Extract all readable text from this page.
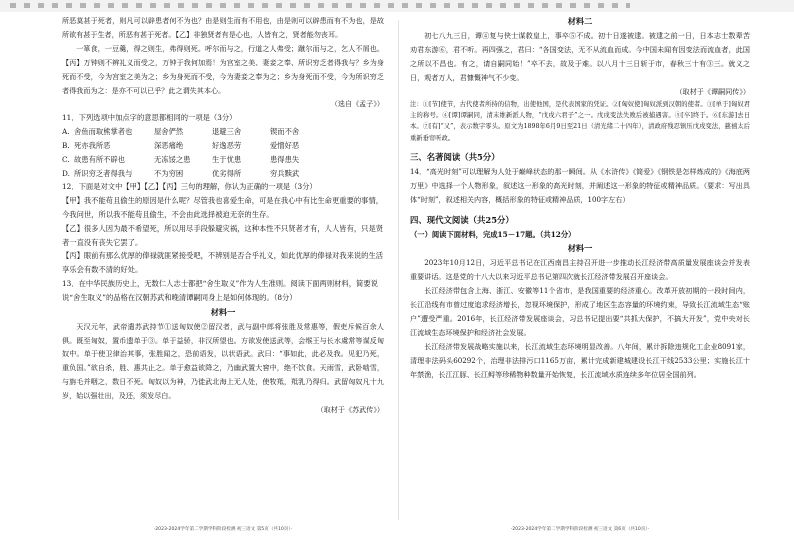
所恶莫甚于死者，则凡可以辟患者何不为也？由是则生而有不用也，由是则可以辟患而有不为也，是故所欲有甚于生者，所恶有甚于死者。【乙】非独贤者有是心也，人皆有之，贤者能勿丧耳。

一箪食，一豆羹，得之则生，弗得则死。呼尔而与之，行道之人弗受；蹴尔而与之，乞人不屑也。【丙】万钟则不辨礼义而受之，万钟于我何加焉！为宫室之美、妻妾之奉、所识穷乏者得我与？乡为身死而不受，今为宫室之美为之；乡为身死而不受，今为妻妾之奉为之；乡为身死而不受，今为所识穷乏者得我而为之：是亦不可以已乎？此之谓失其本心。

（选自《孟子》）

11．下列选项中加点字的意思都相同的一项是（3分）

A. 舍鱼而取熊掌者也	屋舍俨然	退避三舍	锲而不舍
B. 死亦我所恶	深恶痛绝	好逸恶劳	爱憎好恶
C. 故患有所不辟也	无冻馁之患	生于忧患	患得患失
D. 所识穷乏者得我与	不为穷困	优劣得所	穷兵黩武

12．下面是对文中【甲】【乙】【丙】三句的理解，你认为正确的一项是（3分）

【甲】我不能苟且偷生的原因是什么呢？尽管我也喜爱生命，可是在我心中有比生命更重要的事情，今我问世，所以我不能苟且偷生，不会由此选择被迫无奈的生存。

【乙】很多人因为最不希望死，所以用尽手段躲避灾祸，这种本性不只贤者才有，人人皆有，只是贤者一直没有丧失它罢了。

【丙】眼前有那么优厚的俸禄就匪紧接受吧，不辨别是否合乎礼义，如此优厚的俸禄对我来说的生活享乐会有数不清的好处。

13．在中华民族历史上，无数仁人志士都把“舍生取义”作为人生准则。阅读下面两则材料，简要说说“舍生取义”的品格在汉朝苏武和晚清谭嗣同身上是如何体现的。（8分）

材料一

天汉元年，武帝遣苏武持节①送匈奴使②留汉者，武与副中郎将张胜及常惠等，假吏斥候百余人俱。既至匈奴，置币遗单于③。单于益骄，非汉所望也。方欲发使送武等，会缑王与长水虞常等谋反匈奴中。单于使卫律治其事，张胜闻之，恐前语发，以状语武。武曰：“事如此，此必及我。见犯乃死，重负国。”欲自杀，胜、惠共止之。单于愈益欲降之，乃幽武置大窖中，绝不饮食。天雨雪，武卧啮雪，与旃毛并咽之，数日不死。匈奴以为神，乃徙武北海上无人处，使牧羝，羝乳乃得归。武留匈奴凡十九岁，始以强壮出，及还，须发尽白。

（取材于《苏武传》）

·2023-2024学年第二学期学科阶段检测 初三语文 第5页（共10页）·

材料二

初七八九三日，谭④复与侠士谋救皇上，事卒⑤不成。初十日遂被逮。被逮之前一日，日本志士数辈苦劝君东游⑥，君不听。再四强之，君曰：“各国变法，无不从流血而成。今中国未闻有因变法而流血者，此国之所以不昌也。有之，请自嗣同始！”卒不去，故及于难。以八月十三日斩于市，春秋三十有③三。就义之日，观者万人，君慷慨神气不少变。

（取材于《谭嗣同传》）

注：①[节]使节，古代使者所持的信物，出使他国，是代表国家的凭证。②[匈奴使]匈奴派到汉朝的使者。③[单于]匈奴君主的称号。④[谭]谭嗣同，清末维新派人物，“戊戌六君子”之一。戊戌变法失败后被捕遇害。⑤[卒]终于。⑥[东游]去日本。⑦[有]“又”，表示数字零头。原文为1898年6月9日至21日（清光绪二十四年），清政府残忍镇压戊戌变法，慈禧太后重新垂帘听政。

三、名著阅读（共5分）

14．“高光时刻”可以理解为人处于巅峰状态的那一瞬间。从《水浒传》《简爱》《钢铁是怎样炼成的》《海底两万里》中选择一个人物形象，叙述这一形象的高光时刻，并阐述这一形象的特征或精神品质。（要求：写出具体“时刻”，叙述相关内容，概括形象的特征或精神品质，100字左右）

四、现代文阅读（共25分）

（一）阅读下面材料，完成15－17题。（共12分）

材料一

2023年10月12日，习近平总书记在江西南昌主持召开进一步推动长江经济带高质量发展座谈会并发表重要讲话。这是党的十八大以来习近平总书记第四次就长江经济带发展召开座谈会。

长江经济带包含上海、浙江、安徽等11个省市，是我国重要的经济重心。改革开放初期的一段时间内，长江沿线有市曾过度追求经济增长，忽视环境保护，形成了地区生态容量的环境约束，导致长江流域生态“账户”遭受严重。2016年，长江经济带发展座谈会，习总书记提出要“共抓大保护，不搞大开发”，党中央对长江流域生态环境保护和经济社会发展。

长江经济带发展战略实施以来，长江流域生态环境明显改善。八年间，累计拆除违规化工企业8091家，清理非法码头60292个，治理非法排污口1165万亩，累计完成新建城建设长江干线2533公里；实施长江十年禁渔，长江江豚、长江鲟等珍稀物种数量开始恢复，长江流域水质连续多年位居全国前列。

·2023-2024学年第二学期学科阶段检测 初三语文 第6页（共10页）·
